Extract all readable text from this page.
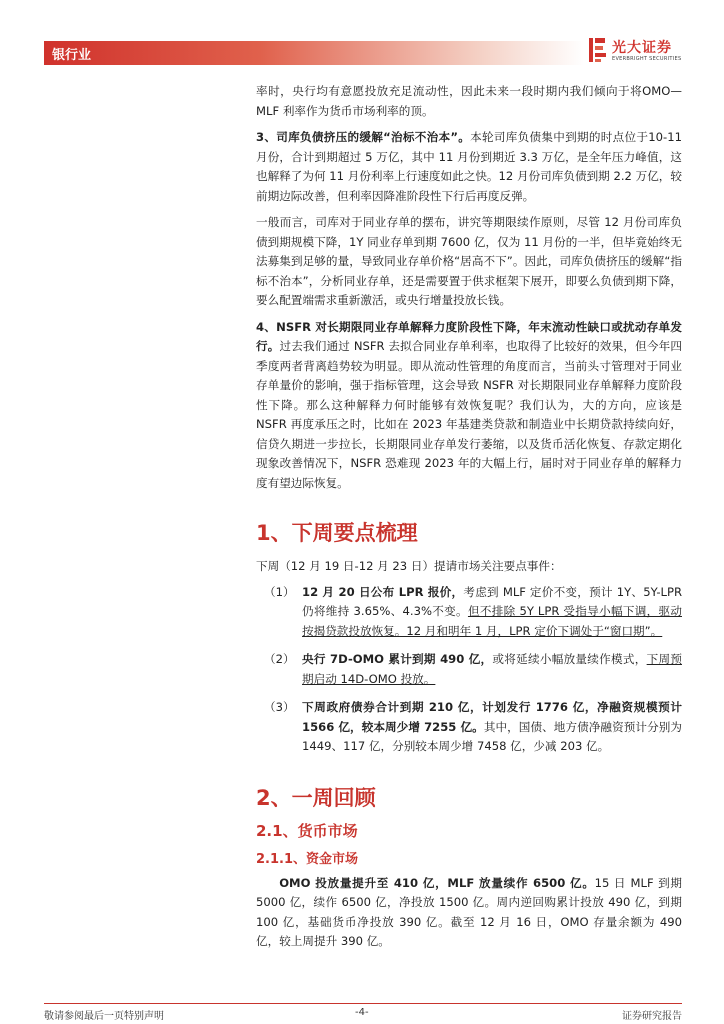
银行业	光大证券
EVERBRIGHT SECURITIES

率时，央行均有意愿投放充足流动性，因此未来一段时期内我们倾向于将OMO—MLF 利率作为货币市场利率的顶。

3、司库负债挤压的缓解“治标不治本”。本轮司库负债集中到期的时点位于10-11 月份，合计到期超过 5 万亿，其中 11 月份到期近 3.3 万亿，是全年压力峰值，这也解释了为何 11 月份利率上行速度如此之快。12 月份司库负债到期 2.2 万亿，较前期边际改善，但利率因降准阶段性下行后再度反弹。

一般而言，司库对于同业存单的摆布，讲究等期限续作原则，尽管 12 月份司库负债到期规模下降，1Y 同业存单到期 7600 亿，仅为 11 月份的一半，但毕竟始终无法募集到足够的量，导致同业存单价格“居高不下”。因此，司库负债挤压的缓解“指标不治本”，分析同业存单，还是需要置于供求框架下展开，即要么负债到期下降，要么配置端需求重新激活，或央行增量投放长钱。

4、NSFR 对长期限同业存单解释力度阶段性下降，年末流动性缺口或扰动存单发行。过去我们通过 NSFR 去拟合同业存单利率，也取得了比较好的效果，但今年四季度两者背离趋势较为明显。即从流动性管理的角度而言，当前头寸管理对于同业存单量价的影响，强于指标管理，这会导致 NSFR 对长期限同业存单解释力度阶段性下降。那么这种解释力何时能够有效恢复呢？我们认为，大的方向，应该是 NSFR 再度承压之时，比如在 2023 年基建类贷款和制造业中长期贷款持续向好，信贷久期进一步拉长，长期限同业存单发行萎缩，以及货币活化恢复、存款定期化现象改善情况下，NSFR 恐难现 2023 年的大幅上行，届时对于同业存单的解释力度有望边际恢复。

1、下周要点梳理

下周（12 月 19 日-12 月 23 日）提请市场关注要点事件：

（1）	12 月 20 日公布 LPR 报价，考虑到 MLF 定价不变，预计 1Y、5Y-LPR 仍将维持 3.65%、4.3%不变。但不排除 5Y LPR 受指导小幅下调，驱动按揭贷款投放恢复。12 月和明年 1 月，LPR 定价下调处于“窗口期”。
（2）	央行 7D-OMO 累计到期 490 亿，或将延续小幅放量续作模式，下周预期启动 14D-OMO 投放。
（3）	下周政府债券合计到期 210 亿，计划发行 1776 亿，净融资规模预计 1566 亿，较本周少增 7255 亿。其中，国债、地方债净融资预计分别为 1449、117 亿，分别较本周少增 7458 亿，少减 203 亿。
2、一周回顾
2.1、货币市场
2.1.1、资金市场

OMO 投放量提升至 410 亿，MLF 放量续作 6500 亿。15 日 MLF 到期 5000 亿，续作 6500 亿，净投放 1500 亿。周内逆回购累计投放 490 亿，到期 100 亿，基础货币净投放 390 亿。截至 12 月 16 日，OMO 存量余额为 490 亿，较上周提升 390 亿。

敬请参阅最后一页特别声明	-4-	证券研究报告
